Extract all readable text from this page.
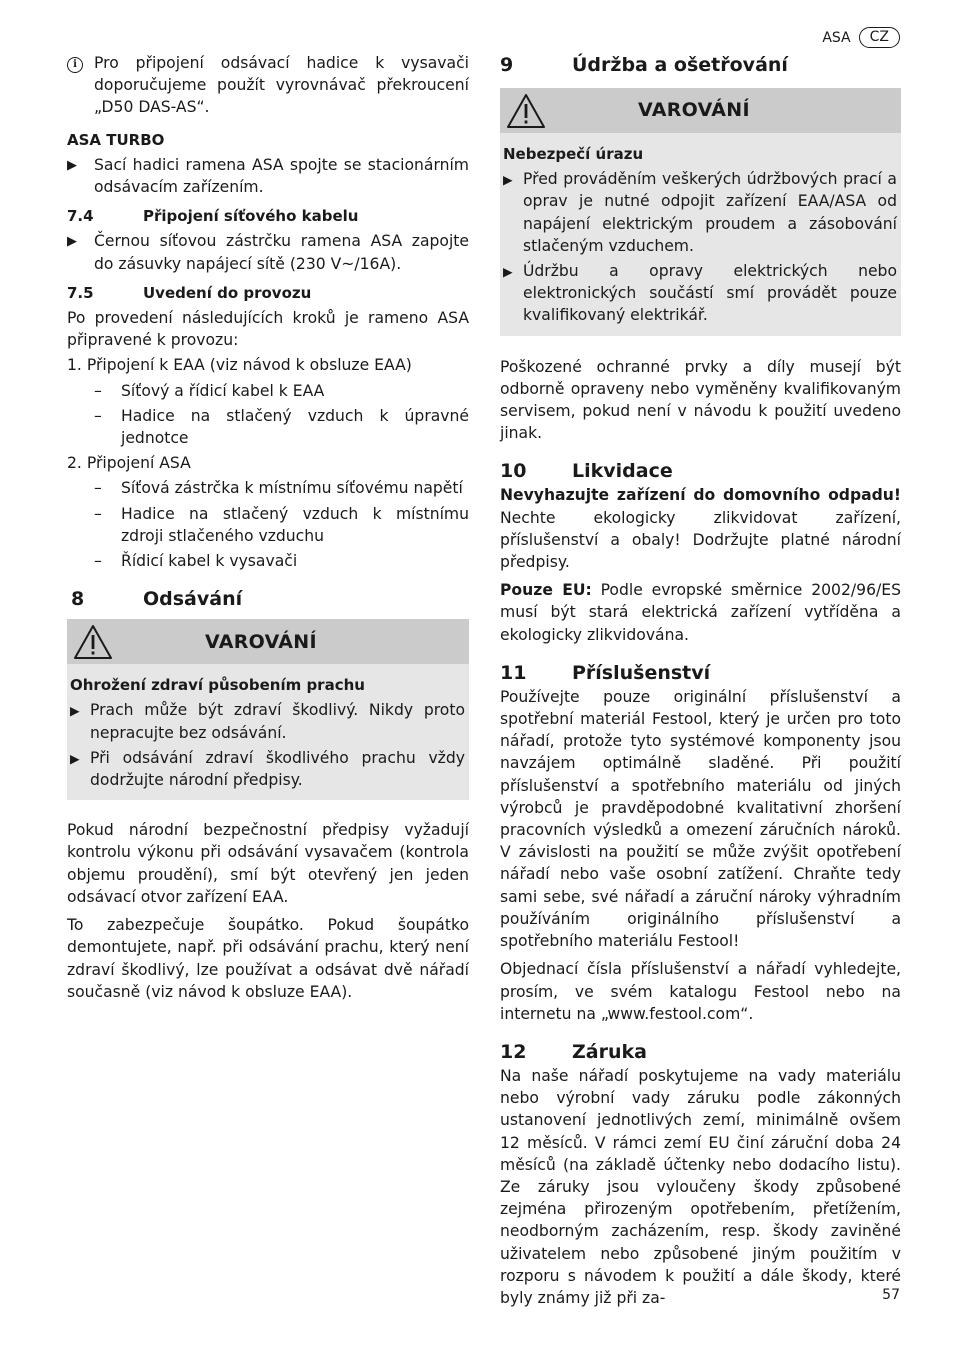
ASA	CZ
i	Pro připojení odsávací hadice k vysavači doporučujeme použít vyrovnávač překroucení „D50 DAS-AS“.

ASA TURBO

▶	Sací hadici ramena ASA spojte se stacionárním odsávacím zařízením.

7.4	Připojení síťového kabelu
▶	Černou síťovou zástrčku ramena ASA zapojte do zásuvky napájecí sítě (230 V~/16A).

7.5	Uvedení do provozu

Po provedení následujících kroků je rameno ASA připravené k provozu:

1. Připojení k EAA (viz návod k obsluze EAA)

–	Síťový a řídicí kabel k EAA

–	Hadice na stlačený vzduch k úpravné jednotce

2. Připojení ASA

–	Síťová zástrčka k místnímu síťovému napětí

–	Hadice na stlačený vzduch k místnímu zdroji stlačeného vzduchu

–	Řídicí kabel k vysavači

8	Odsávání
VAROVÁNÍ

Ohrožení zdraví působením prachu

▶ Prach může být zdraví škodlivý. Nikdy proto nepracujte bez odsávání.

▶ Při odsávání zdraví škodlivého prachu vždy dodržujte národní předpisy.

Pokud národní bezpečnostní předpisy vyžadují kontrolu výkonu při odsávání vysavačem (kontrola objemu proudění), smí být otevřený jen jeden odsávací otvor zařízení EAA.

To zabezpečuje šoupátko. Pokud šoupátko demontujete, např. při odsávání prachu, který není zdraví škodlivý, lze používat a odsávat dvě nářadí současně (viz návod k obsluze EAA).

9	Údržba a ošetřování
VAROVÁNÍ

Nebezpečí úrazu

▶ Před prováděním veškerých údržbových prací a oprav je nutné odpojit zařízení EAA/ASA od napájení elektrickým proudem a zásobování stlačeným vzduchem.

▶ Údržbu a opravy elektrických nebo elektronických součástí smí provádět pouze kvalifikovaný elektrikář.

Poškozené ochranné prvky a díly musejí být odborně opraveny nebo vyměněny kvalifikovaným servisem, pokud není v návodu k použití uvedeno jinak.

10	Likvidace

Nevyhazujte zařízení do domovního odpadu! Nechte ekologicky zlikvidovat zařízení, příslušenství a obaly! Dodržujte platné národní předpisy.

Pouze EU: Podle evropské směrnice 2002/96/ES musí být stará elektrická zařízení vytříděna a ekologicky zlikvidována.

11	Příslušenství

Používejte pouze originální příslušenství a spotřební materiál Festool, který je určen pro toto nářadí, protože tyto systémové komponenty jsou navzájem optimálně sladěné. Při použití příslušenství a spotřebního materiálu od jiných výrobců je pravděpodobné kvalitativní zhoršení pracovních výsledků a omezení záručních nároků. V závislosti na použití se může zvýšit opotřebení nářadí nebo vaše osobní zatížení. Chraňte tedy sami sebe, své nářadí a záruční nároky výhradním používáním originálního příslušenství a spotřebního materiálu Festool!

Objednací čísla příslušenství a nářadí vyhledejte, prosím, ve svém katalogu Festool nebo na internetu na „www.festool.com“.

12	Záruka

Na naše nářadí poskytujeme na vady materiálu nebo výrobní vady záruku podle zákonných ustanovení jednotlivých zemí, minimálně ovšem 12 měsíců. V rámci zemí EU činí záruční doba 24 měsíců (na základě účtenky nebo dodacího listu). Ze záruky jsou vyloučeny škody způsobené zejména přirozeným opotřebením, přetížením, neodborným zacházením, resp. škody zaviněné uživatelem nebo způsobené jiným použitím v rozporu s návodem k použití a dále škody, které byly známy již při za-	57
